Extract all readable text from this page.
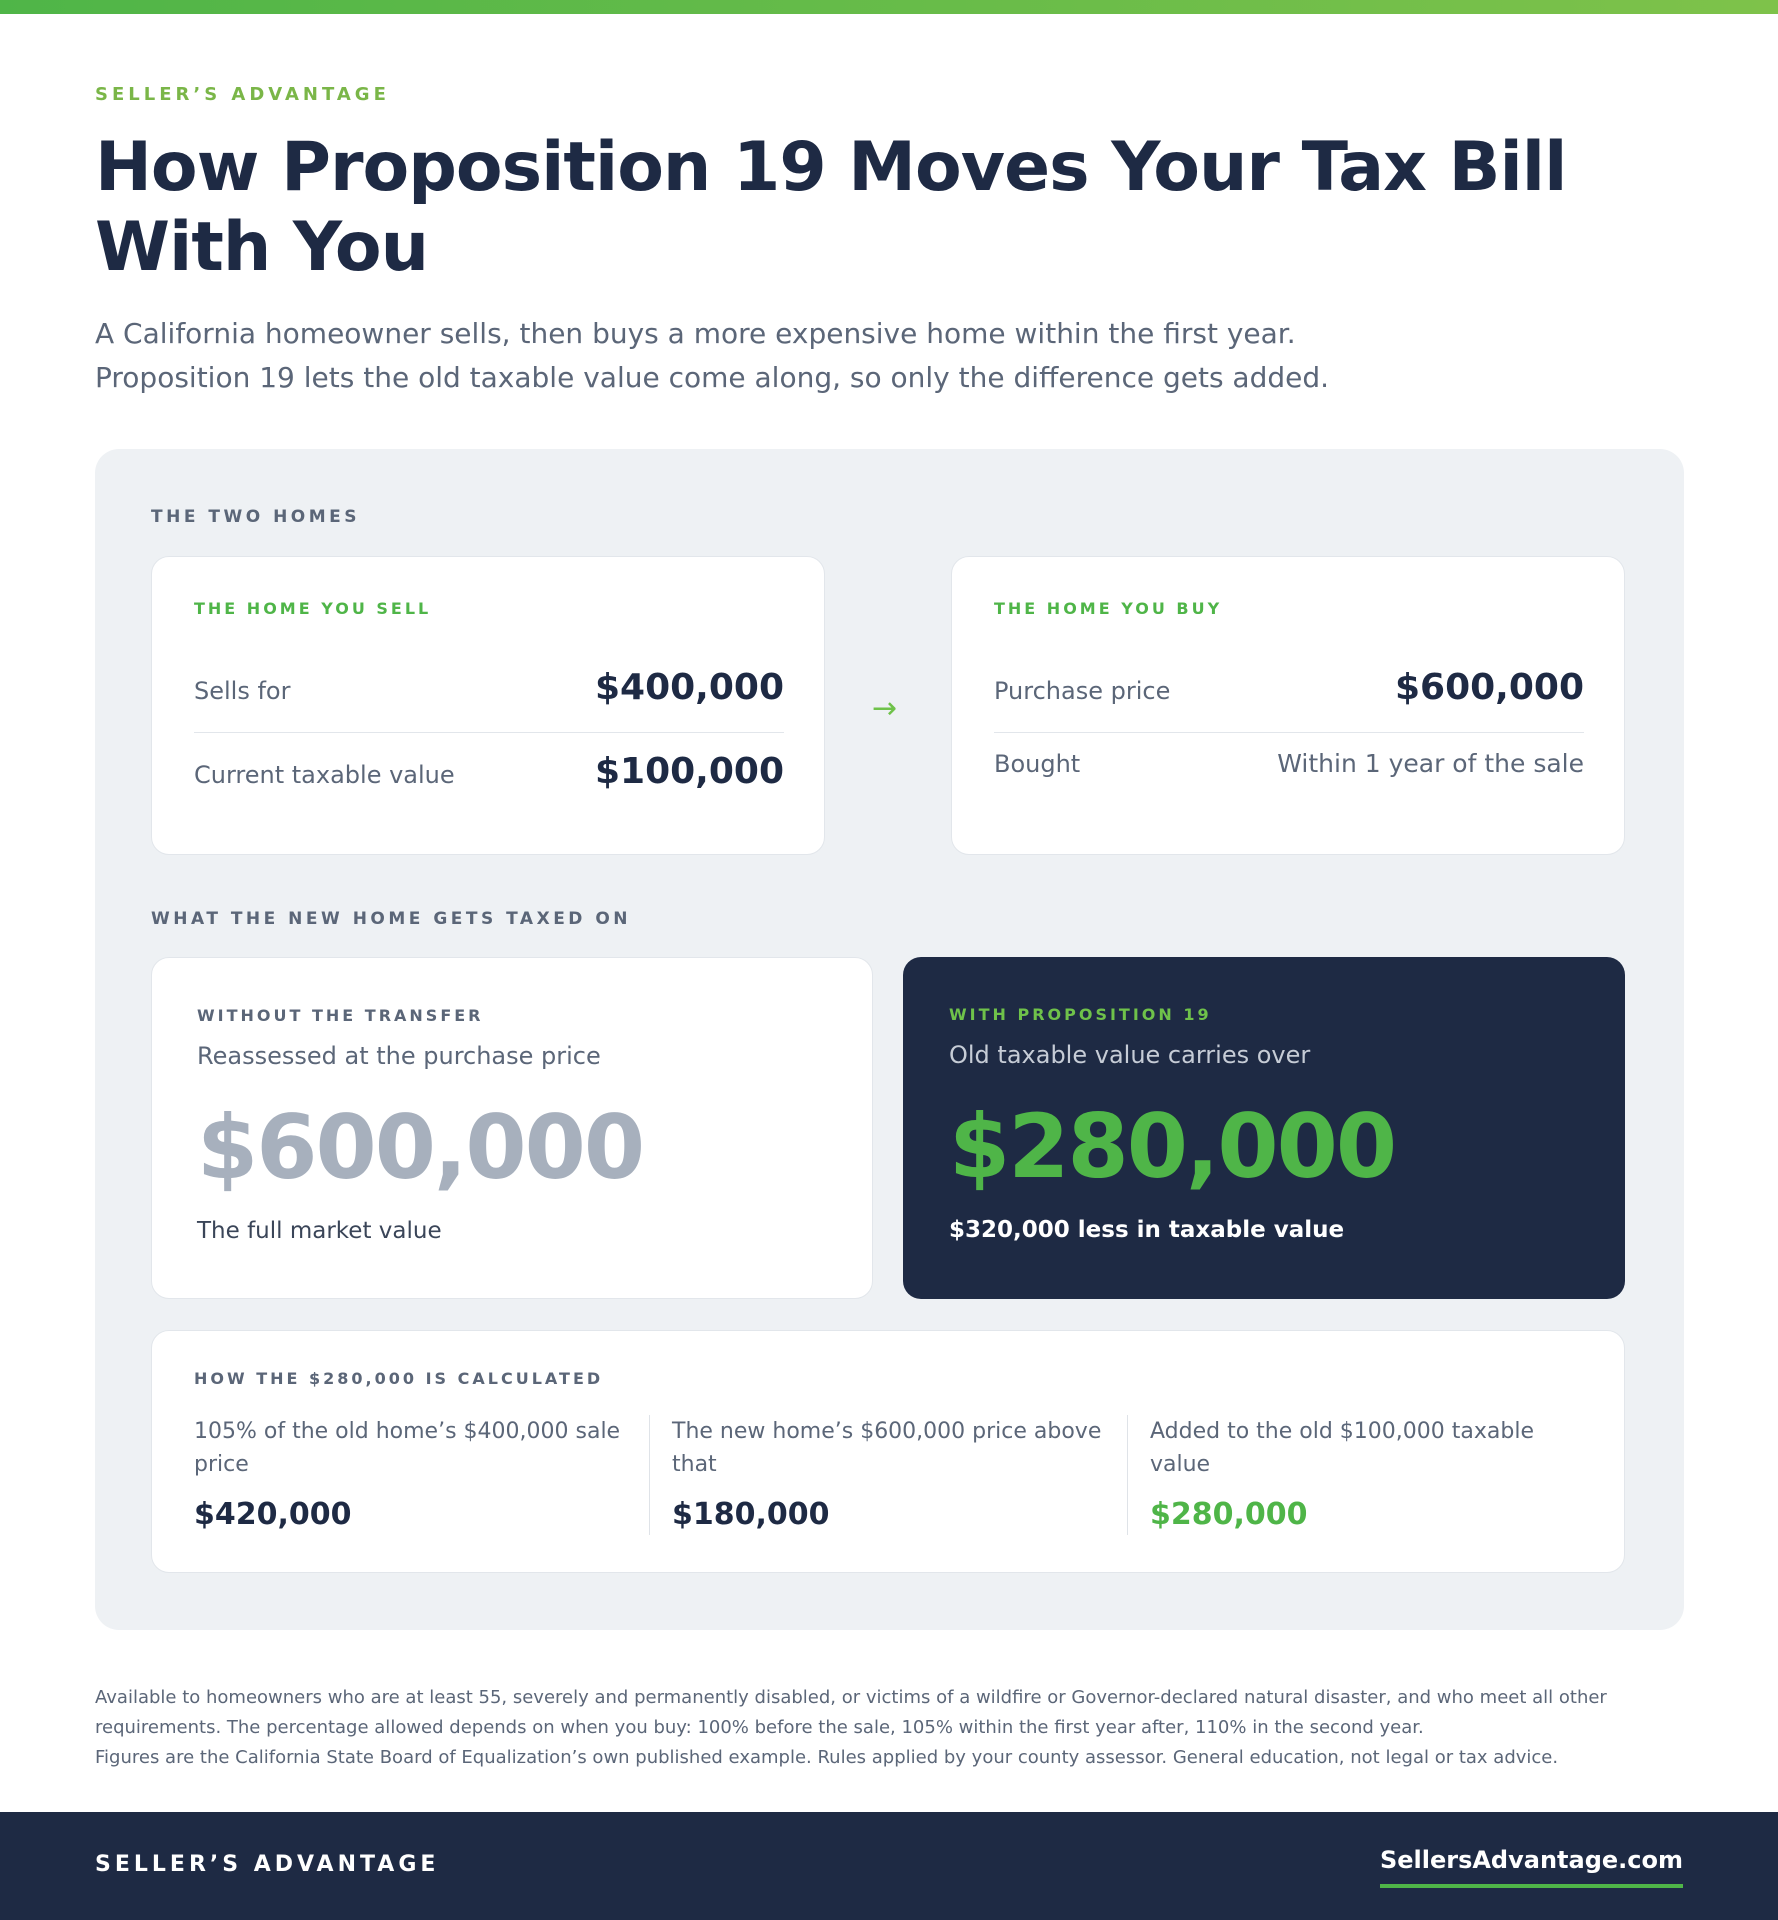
SELLER’S ADVANTAGE
How Proposition 19 Moves Your Tax Bill With You
A California homeowner sells, then buys a more expensive home within the first year.
Proposition 19 lets the old taxable value come along, so only the difference gets added.
THE TWO HOMES
THE HOME YOU SELL
Sells for	$400,000
Current taxable value	$100,000
→
THE HOME YOU BUY
Purchase price	$600,000
Bought	Within 1 year of the sale
WHAT THE NEW HOME GETS TAXED ON
WITHOUT THE TRANSFER
Reassessed at the purchase price
$600,000
The full market value
WITH PROPOSITION 19
Old taxable value carries over
$280,000
$320,000 less in taxable value
HOW THE $280,000 IS CALCULATED
105% of the old home’s $400,000 sale price
$420,000
The new home’s $600,000 price above that
$180,000
Added to the old $100,000 taxable value
$280,000
Available to homeowners who are at least 55, severely and permanently disabled, or victims of a wildfire or Governor-declared natural disaster, and who meet all other requirements. The percentage allowed depends on when you buy: 100% before the sale, 105% within the first year after, 110% in the second year.
Figures are the California State Board of Equalization’s own published example. Rules applied by your county assessor. General education, not legal or tax advice.
SELLER’S ADVANTAGE	SellersAdvantage.com
